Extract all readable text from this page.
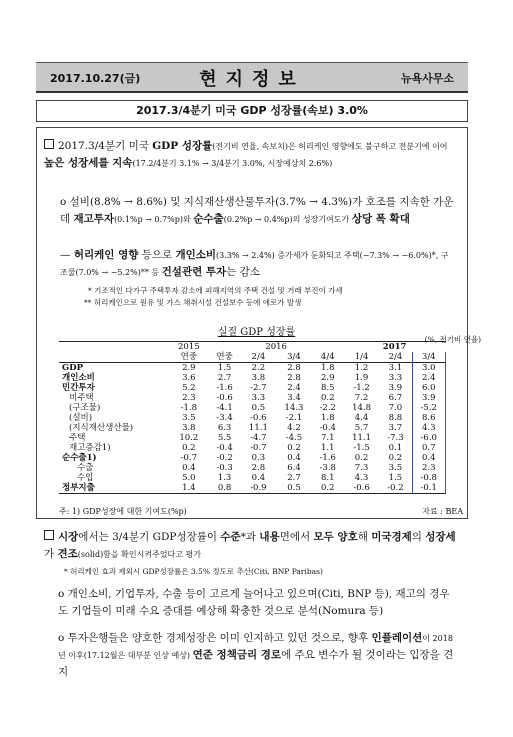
2017.10.27(금)	현지정보	뉴욕사무소
2017.3/4분기 미국 GDP 성장률(속보) 3.0%
2017.3/4분기 미국 GDP 성장률(전기비 연율, 속보치)은 허리케인 영향에도 불구하고 전분기에 이어 높은 성장세를 지속(17.2/4분기 3.1% → 3/4분기 3.0%, 시장예상치 2.6%)
o 설비(8.8% → 8.6%) 및 지식재산생산물투자(3.7% → 4.3%)가 호조를 지속한 가운데 재고투자(0.1%p → 0.7%p)와 순수출(0.2%p → 0.4%p)의 성장기여도가 상당 폭 확대
— 허리케인 영향 등으로 개인소비(3.3% → 2.4%) 증가세가 둔화되고 주택(−7.3% → −6.0%)*, 구조물(7.0% → −5.2%)** 등 건설관련 투자는 감소
* 기조적인 다가구 주택투자 감소에 피해지역의 주택 건설 및 거래 부진이 가세
** 허리케인으로 원유 및 가스 채취시설 건설보수 등에 애로가 발생
실질 GDP 성장률
(%, 전기비 연율)
	2015	2016				2017		
	연중	연중	2/4	3/4	4/4	1/4	2/4	3/4
GDP	2.9	1.5	2.2	2.8	1.8	1.2	3.1	3.0
개인소비	3.6	2.7	3.8	2.8	2.9	1.9	3.3	2.4
민간투자	5.2	-1.6	-2.7	2.4	8.5	-1.2	3.9	6.0
비주택	2.3	-0.6	3.3	3.4	0.2	7.2	6.7	3.9
(구조물)	-1.8	-4.1	0.5	14.3	-2.2	14.8	7.0	-5.2
(설비)	3.5	-3.4	-0.6	-2.1	1.8	4.4	8.8	8.6
(지식재산생산물)	3.8	6.3	11.1	4.2	-0.4	5.7	3.7	4.3
주택	10.2	5.5	-4.7	-4.5	7.1	11.1	-7.3	-6.0
재고증감1)	0.2	-0.4	-0.7	0.2	1.1	-1.5	0.1	0.7
순수출1)	-0.7	-0.2	0.3	0.4	-1.6	0.2	0.2	0.4
수출	0.4	-0.3	2.8	6.4	-3.8	7.3	3.5	2.3
수입	5.0	1.3	0.4	2.7	8.1	4.3	1.5	-0.8
정부지출	1.4	0.8	-0.9	0.5	0.2	-0.6	-0.2	-0.1
주: 1) GDP성장에 대한 기여도(%p)	자료 : BEA
시장에서는 3/4분기 GDP성장률이 수준*과 내용면에서 모두 양호해 미국경제의 성장세가 견조(solid)함을 확인시켜주었다고 평가
* 허리케인 효과 제외시 GDP성장률은 3.5% 정도로 추산(Citi, BNP Paribas)
o 개인소비, 기업투자, 수출 등이 고르게 늘어나고 있으며(Citi, BNP 등), 재고의 경우도 기업들이 미래 수요 증대를 예상해 확충한 것으로 분석(Nomura 등)
o 투자은행들은 양호한 경제성장은 이미 인지하고 있던 것으로, 향후 인플레이션이 2018년 이후(17.12월은 대부분 인상 예상) 연준 정책금리 경로에 주요 변수가 될 것이라는 입장을 견지
